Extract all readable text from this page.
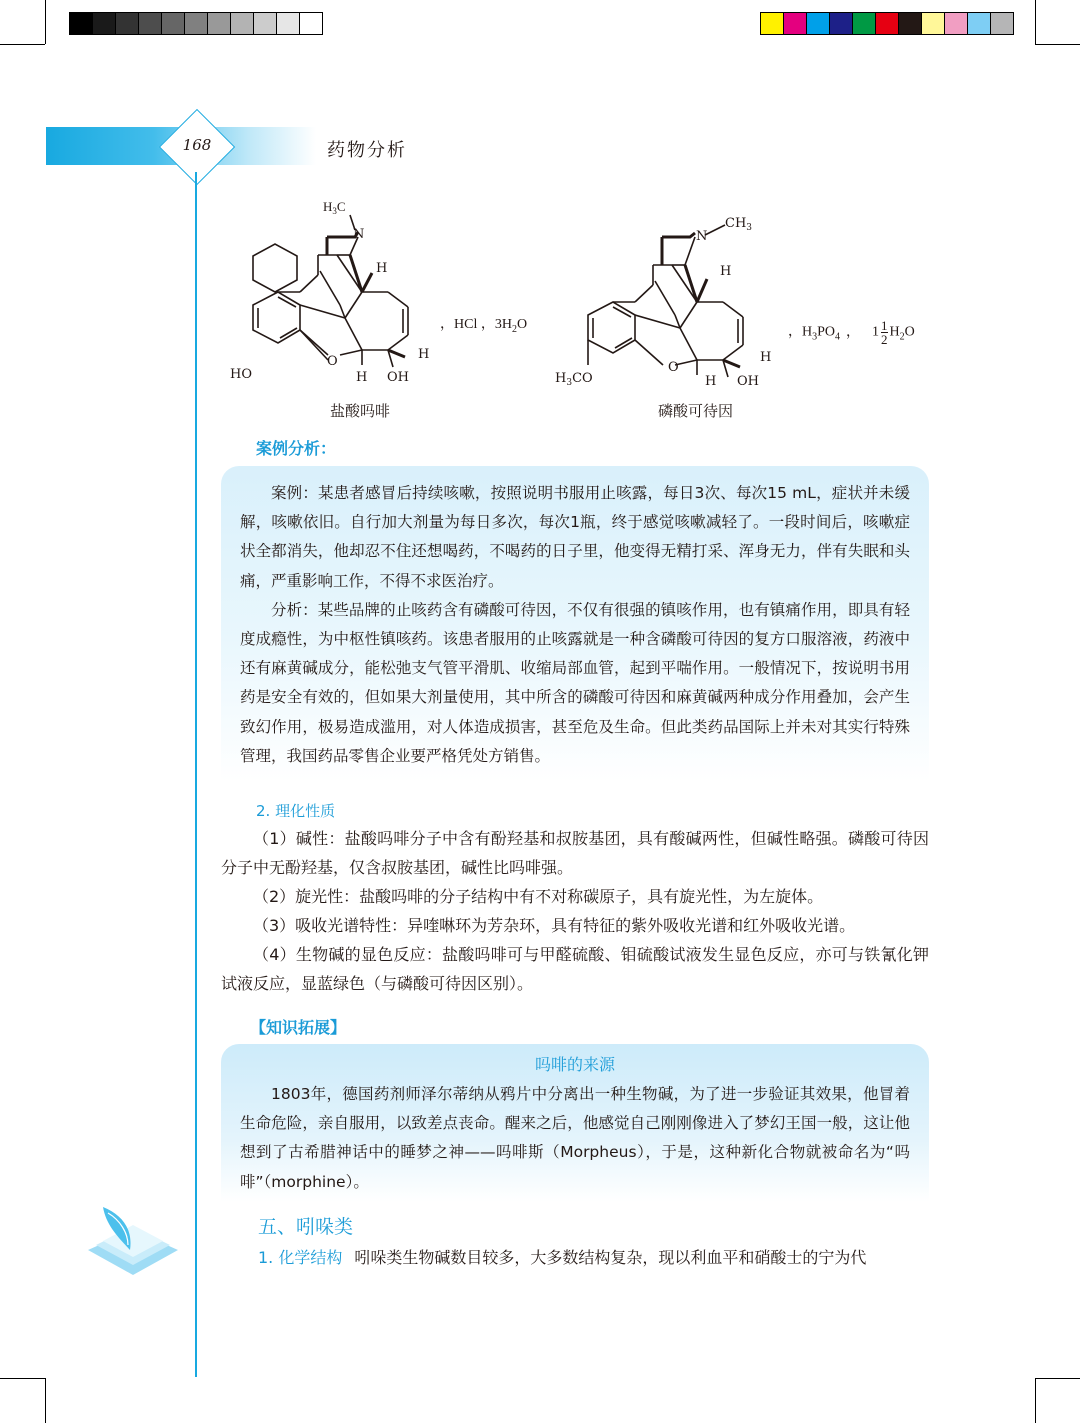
168	药物分析
$H_3C$
N
H
H
H
O
OH
HO
，HCl ，$3H_2O$
盐酸吗啡
N
$CH_3$
H
H
H
O
OH
$H_3CO$
，$H_3PO_4$ ， $1 \frac{1}{2} H_2O$
磷酸可待因
案例分析：

案例：某患者感冒后持续咳嗽，按照说明书服用止咳露，每日3次、每次15 mL，症状并未缓解，咳嗽依旧。自行加大剂量为每日多次，每次1瓶，终于感觉咳嗽减轻了。一段时间后，咳嗽症状全都消失，他却忍不住还想喝药，不喝药的日子里，他变得无精打采、浑身无力，伴有失眠和头痛，严重影响工作，不得不求医治疗。

分析：某些品牌的止咳药含有磷酸可待因，不仅有很强的镇咳作用，也有镇痛作用，即具有轻度成瘾性，为中枢性镇咳药。该患者服用的止咳露就是一种含磷酸可待因的复方口服溶液，药液中还有麻黄碱成分，能松弛支气管平滑肌、收缩局部血管，起到平喘作用。一般情况下，按说明书用药是安全有效的，但如果大剂量使用，其中所含的磷酸可待因和麻黄碱两种成分作用叠加，会产生致幻作用，极易造成滥用，对人体造成损害，甚至危及生命。但此类药品国际上并未对其实行特殊管理，我国药品零售企业要严格凭处方销售。

2. 理化性质

（1）碱性：盐酸吗啡分子中含有酚羟基和叔胺基团，具有酸碱两性，但碱性略强。磷酸可待因分子中无酚羟基，仅含叔胺基团，碱性比吗啡强。

（2）旋光性：盐酸吗啡的分子结构中有不对称碳原子，具有旋光性，为左旋体。

（3）吸收光谱特性：异喹啉环为芳杂环，具有特征的紫外吸收光谱和红外吸收光谱。

（4）生物碱的显色反应：盐酸吗啡可与甲醛硫酸、钼硫酸试液发生显色反应，亦可与铁氰化钾试液反应，显蓝绿色（与磷酸可待因区别）。

【知识拓展】
吗啡的来源

1803年，德国药剂师泽尔蒂纳从鸦片中分离出一种生物碱，为了进一步验证其效果，他冒着生命危险，亲自服用，以致差点丧命。醒来之后，他感觉自己刚刚像进入了梦幻王国一般，这让他想到了古希腊神话中的睡梦之神——吗啡斯（Morpheus），于是，这种新化合物就被命名为“吗啡”（morphine）。

五、吲哚类
1. 化学结构 吲哚类生物碱数目较多，大多数结构复杂，现以利血平和硝酸士的宁为代
